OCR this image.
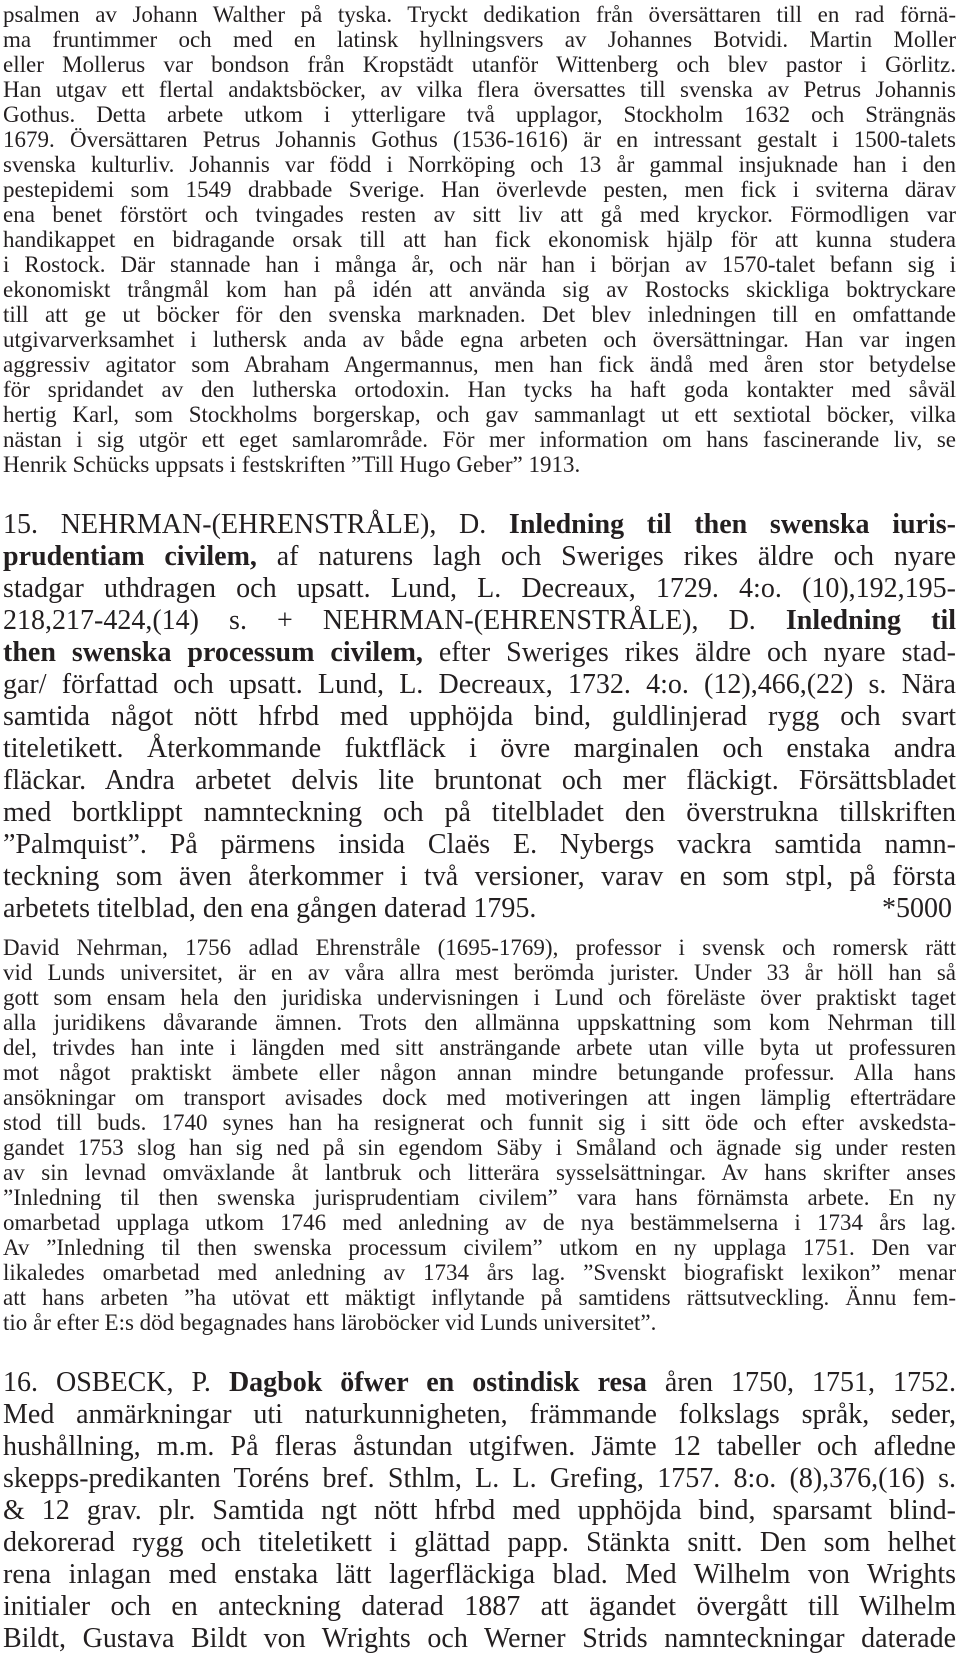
psalmen av Johann Walther på tyska. Tryckt dedikation från översättaren till en rad förnä-
ma fruntimmer och med en latinsk hyllningsvers av Johannes Botvidi. Martin Moller
eller Mollerus var bondson från Kropstädt utanför Wittenberg och blev pastor i Görlitz.
Han utgav ett flertal andaktsböcker, av vilka flera översattes till svenska av Petrus Johannis
Gothus. Detta arbete utkom i ytterligare två upplagor, Stockholm 1632 och Strängnäs
1679. Översättaren Petrus Johannis Gothus (1536-1616) är en intressant gestalt i 1500-talets
svenska kulturliv. Johannis var född i Norrköping och 13 år gammal insjuknade han i den
pestepidemi som 1549 drabbade Sverige. Han överlevde pesten, men fick i sviterna därav
ena benet förstört och tvingades resten av sitt liv att gå med kryckor. Förmodligen var
handikappet en bidragande orsak till att han fick ekonomisk hjälp för att kunna studera
i Rostock. Där stannade han i många år, och när han i början av 1570-talet befann sig i
ekonomiskt trångmål kom han på idén att använda sig av Rostocks skickliga boktryckare
till att ge ut böcker för den svenska marknaden. Det blev inledningen till en omfattande
utgivarverksamhet i luthersk anda av både egna arbeten och översättningar. Han var ingen
aggressiv agitator som Abraham Angermannus, men han fick ändå med åren stor betydelse
för spridandet av den lutherska ortodoxin. Han tycks ha haft goda kontakter med såväl
hertig Karl, som Stockholms borgerskap, och gav sammanlagt ut ett sextiotal böcker, vilka
nästan i sig utgör ett eget samlarområde. För mer information om hans fascinerande liv, se
Henrik Schücks uppsats i festskriften ”Till Hugo Geber” 1913.
15. NEHRMAN-(EHRENSTRÅLE), D. Inledning til then swenska iuris-
prudentiam civilem, af naturens lagh och Sweriges rikes äldre och nyare
stadgar uthdragen och upsatt. Lund, L. Decreaux, 1729. 4:o. (10),192,195-
218,217-424,(14) s. + NEHRMAN-(EHRENSTRÅLE), D. Inledning til
then swenska processum civilem, efter Sweriges rikes äldre och nyare stad-
gar/ författad och upsatt. Lund, L. Decreaux, 1732. 4:o. (12),466,(22) s. Nära
samtida något nött hfrbd med upphöjda bind, guldlinjerad rygg och svart
titeletikett. Återkommande fuktfläck i övre marginalen och enstaka andra
fläckar. Andra arbetet delvis lite bruntonat och mer fläckigt. Försättsbladet
med bortklippt namnteckning och på titelbladet den överstrukna tillskriften
”Palmquist”. På pärmens insida Claës E. Nybergs vackra samtida namn-
teckning som även återkommer i två versioner, varav en som stpl, på första
arbetets titelblad, den ena gången daterad 1795.	*5000
David Nehrman, 1756 adlad Ehrenstråle (1695-1769), professor i svensk och romersk rätt
vid Lunds universitet, är en av våra allra mest berömda jurister. Under 33 år höll han så
gott som ensam hela den juridiska undervisningen i Lund och föreläste över praktiskt taget
alla juridikens dåvarande ämnen. Trots den allmänna uppskattning som kom Nehrman till
del, trivdes han inte i längden med sitt ansträngande arbete utan ville byta ut professuren
mot något praktiskt ämbete eller någon annan mindre betungande professur. Alla hans
ansökningar om transport avisades dock med motiveringen att ingen lämplig efterträdare
stod till buds. 1740 synes han ha resignerat och funnit sig i sitt öde och efter avskedsta-
gandet 1753 slog han sig ned på sin egendom Säby i Småland och ägnade sig under resten
av sin levnad omväxlande åt lantbruk och litterära sysselsättningar. Av hans skrifter anses
”Inledning til then swenska jurisprudentiam civilem” vara hans förnämsta arbete. En ny
omarbetad upplaga utkom 1746 med anledning av de nya bestämmelserna i 1734 års lag.
Av ”Inledning til then swenska processum civilem” utkom en ny upplaga 1751. Den var
likaledes omarbetad med anledning av 1734 års lag. ”Svenskt biografiskt lexikon” menar
att hans arbeten ”ha utövat ett mäktigt inflytande på samtidens rättsutveckling. Ännu fem-
tio år efter E:s död begagnades hans läroböcker vid Lunds universitet”.
16. OSBECK, P. Dagbok öfwer en ostindisk resa åren 1750, 1751, 1752.
Med anmärkningar uti naturkunnigheten, främmande folkslags språk, seder,
hushållning, m.m. På fleras åstundan utgifwen. Jämte 12 tabeller och afledne
skepps-predikanten Toréns bref. Sthlm, L. L. Grefing, 1757. 8:o. (8),376,(16) s.
& 12 grav. plr. Samtida ngt nött hfrbd med upphöjda bind, sparsamt blind-
dekorerad rygg och titeletikett i glättad papp. Stänkta snitt. Den som helhet
rena inlagan med enstaka lätt lagerfläckiga blad. Med Wilhelm von Wrights
initialer och en anteckning daterad 1887 att ägandet övergått till Wilhelm
Bildt, Gustava Bildt von Wrights och Werner Strids namnteckningar daterade
